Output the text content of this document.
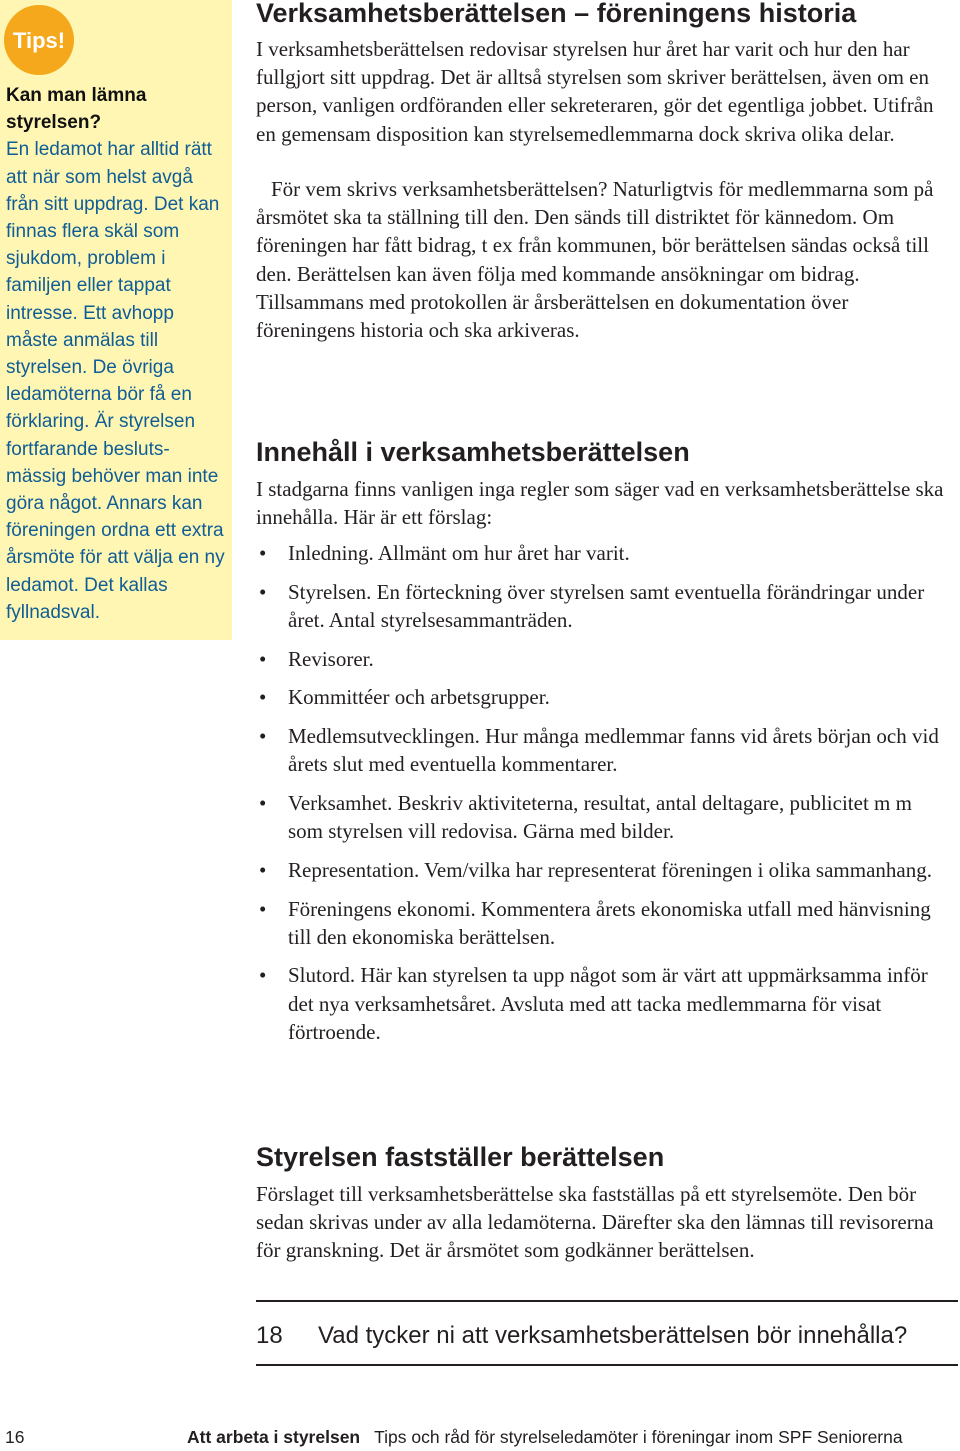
Tips!

Kan man lämna styrelsen?
En ledamot har alltid rätt att när som helst avgå från sitt uppdrag. Det kan finnas flera skäl som sjukdom, problem i familjen eller tappat intresse. Ett avhopp måste anmälas till styrelsen. De övriga ledamöterna bör få en förklaring. Är styrelsen fortfarande besluts-mässig behöver man inte göra något. Annars kan föreningen ordna ett extra årsmöte för att välja en ny ledamot. Det kallas fyllnadsval.

Verksamhetsberättelsen – föreningens historia

I verksamhetsberättelsen redovisar styrelsen hur året har varit och hur den har fullgjort sitt uppdrag. Det är alltså styrelsen som skriver berättelsen, även om en person, vanligen ordföranden eller sekreteraren, gör det egentliga jobbet. Utifrån en gemensam disposition kan styrelsemedlemmarna dock skriva olika delar.

För vem skrivs verksamhetsberättelsen? Naturligtvis för medlemmarna som på årsmötet ska ta ställning till den. Den sänds till distriktet för kännedom. Om föreningen har fått bidrag, t ex från kommunen, bör berättelsen sändas också till den. Berättelsen kan även följa med kommande ansökningar om bidrag. Tillsammans med protokollen är årsberättelsen en dokumentation över föreningens historia och ska arkiveras.

Innehåll i verksamhetsberättelsen

I stadgarna finns vanligen inga regler som säger vad en verksamhetsberättelse ska innehålla. Här är ett förslag:

• Inledning. Allmänt om hur året har varit.
• Styrelsen. En förteckning över styrelsen samt eventuella förändringar under året. Antal styrelsesammanträden.
• Revisorer.
• Kommittéer och arbetsgrupper.
• Medlemsutvecklingen. Hur många medlemmar fanns vid årets början och vid årets slut med eventuella kommentarer.
• Verksamhet. Beskriv aktiviteterna, resultat, antal deltagare, publicitet m m som styrelsen vill redovisa. Gärna med bilder.
• Representation. Vem/vilka har representerat föreningen i olika sammanhang.
• Föreningens ekonomi. Kommentera årets ekonomiska utfall med hänvisning till den ekonomiska berättelsen.
• Slutord. Här kan styrelsen ta upp något som är värt att uppmärksamma inför det nya verksamhetsåret. Avsluta med att tacka medlemmarna för visat förtroende.
Styrelsen fastställer berättelsen

Förslaget till verksamhetsberättelse ska fastställas på ett styrelsemöte. Den bör sedan skrivas under av alla ledamöterna. Därefter ska den lämnas till revisorerna för granskning. Det är årsmötet som godkänner berättelsen.

18 Vad tycker ni att verksamhetsberättelsen bör innehålla?
16	Att arbeta i styrelsen Tips och råd för styrelseledamöter i föreningar inom SPF Seniorerna
